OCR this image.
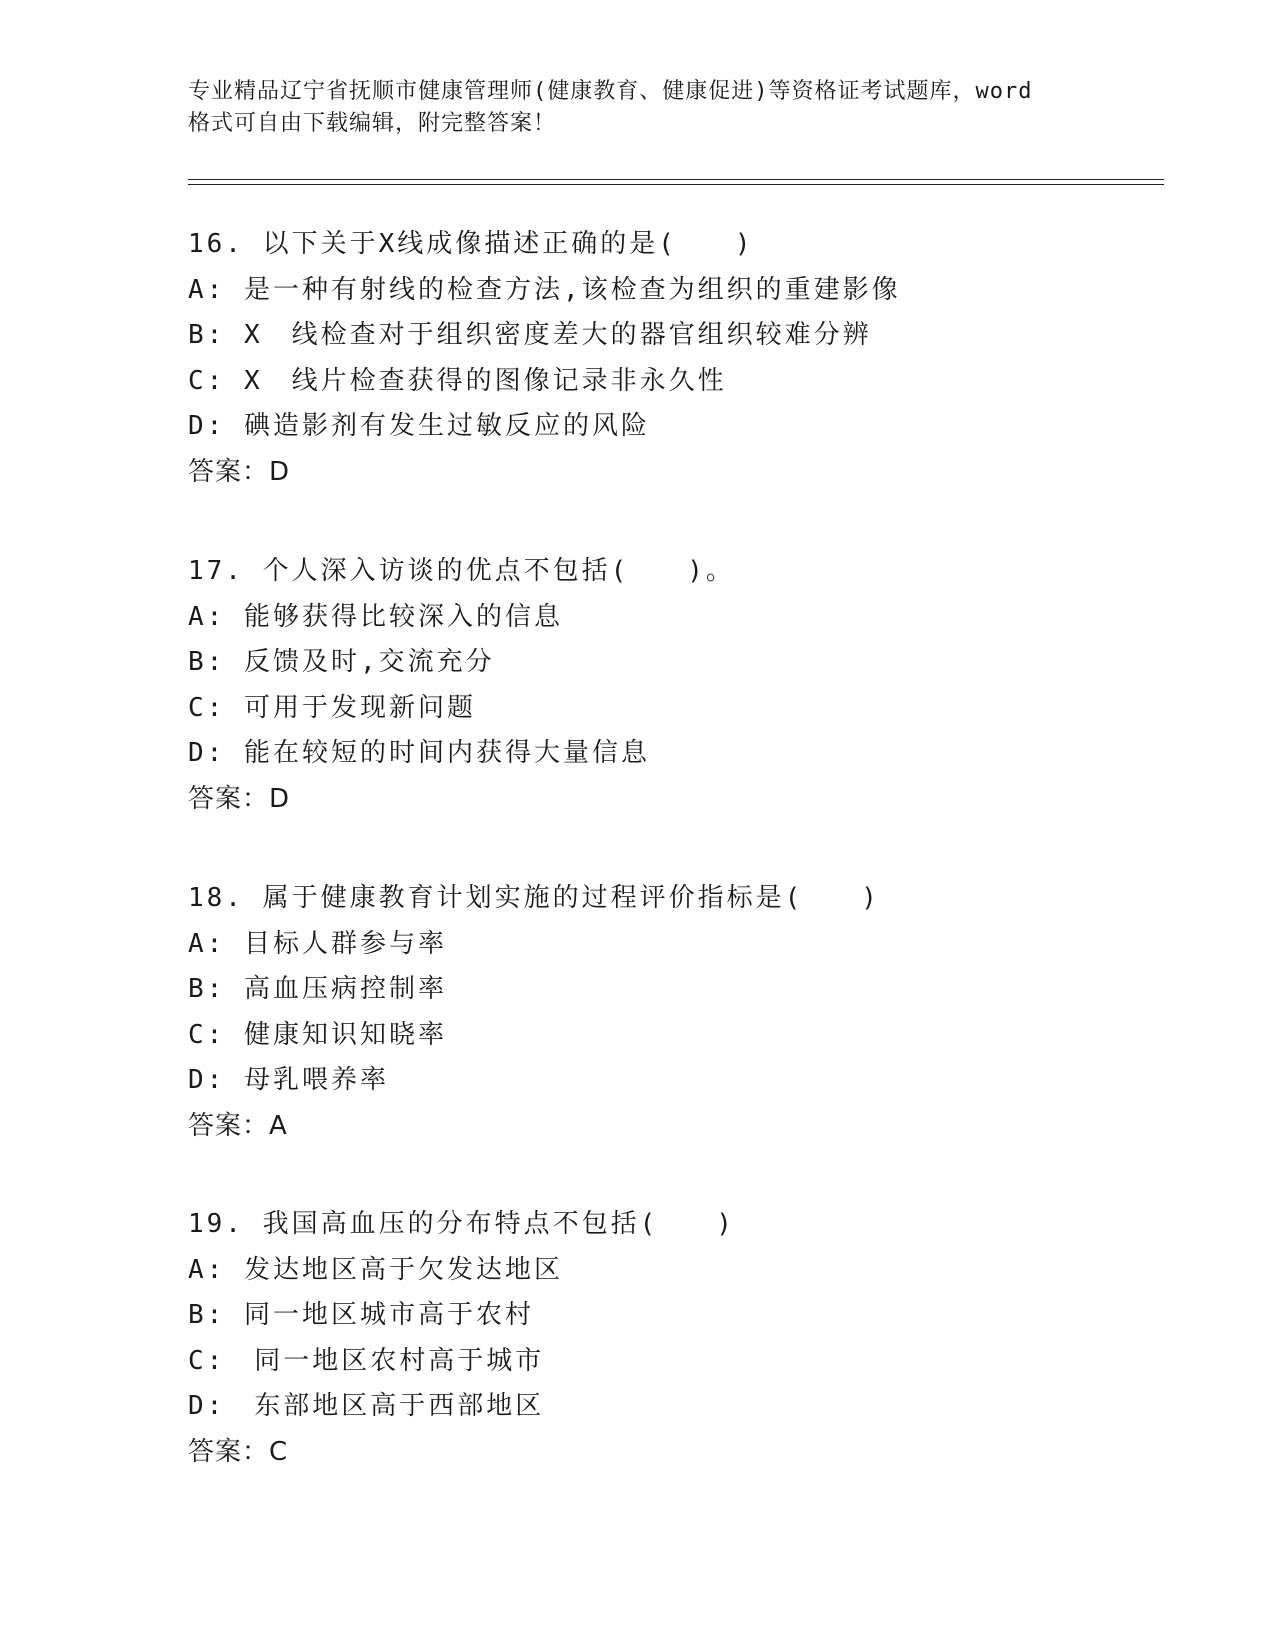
专业精品辽宁省抚顺市健康管理师(健康教育、健康促进)等资格证考试题库，word
格式可自由下载编辑，附完整答案！
16. 以下关于X线成像描述正确的是(　　)
A: 是一种有射线的检查方法,该检查为组织的重建影像
B: X　线检查对于组织密度差大的器官组织较难分辨
C: X　线片检查获得的图像记录非永久性
D: 碘造影剂有发生过敏反应的风险
答案：D
17. 个人深入访谈的优点不包括(　　)。
A: 能够获得比较深入的信息
B: 反馈及时,交流充分
C: 可用于发现新问题
D: 能在较短的时间内获得大量信息
答案：D
18. 属于健康教育计划实施的过程评价指标是(　　)
A: 目标人群参与率
B: 高血压病控制率
C: 健康知识知晓率
D: 母乳喂养率
答案：A
19. 我国高血压的分布特点不包括(　　)
A: 发达地区高于欠发达地区
B: 同一地区城市高于农村
C:　同一地区农村高于城市
D:　东部地区高于西部地区
答案：C
